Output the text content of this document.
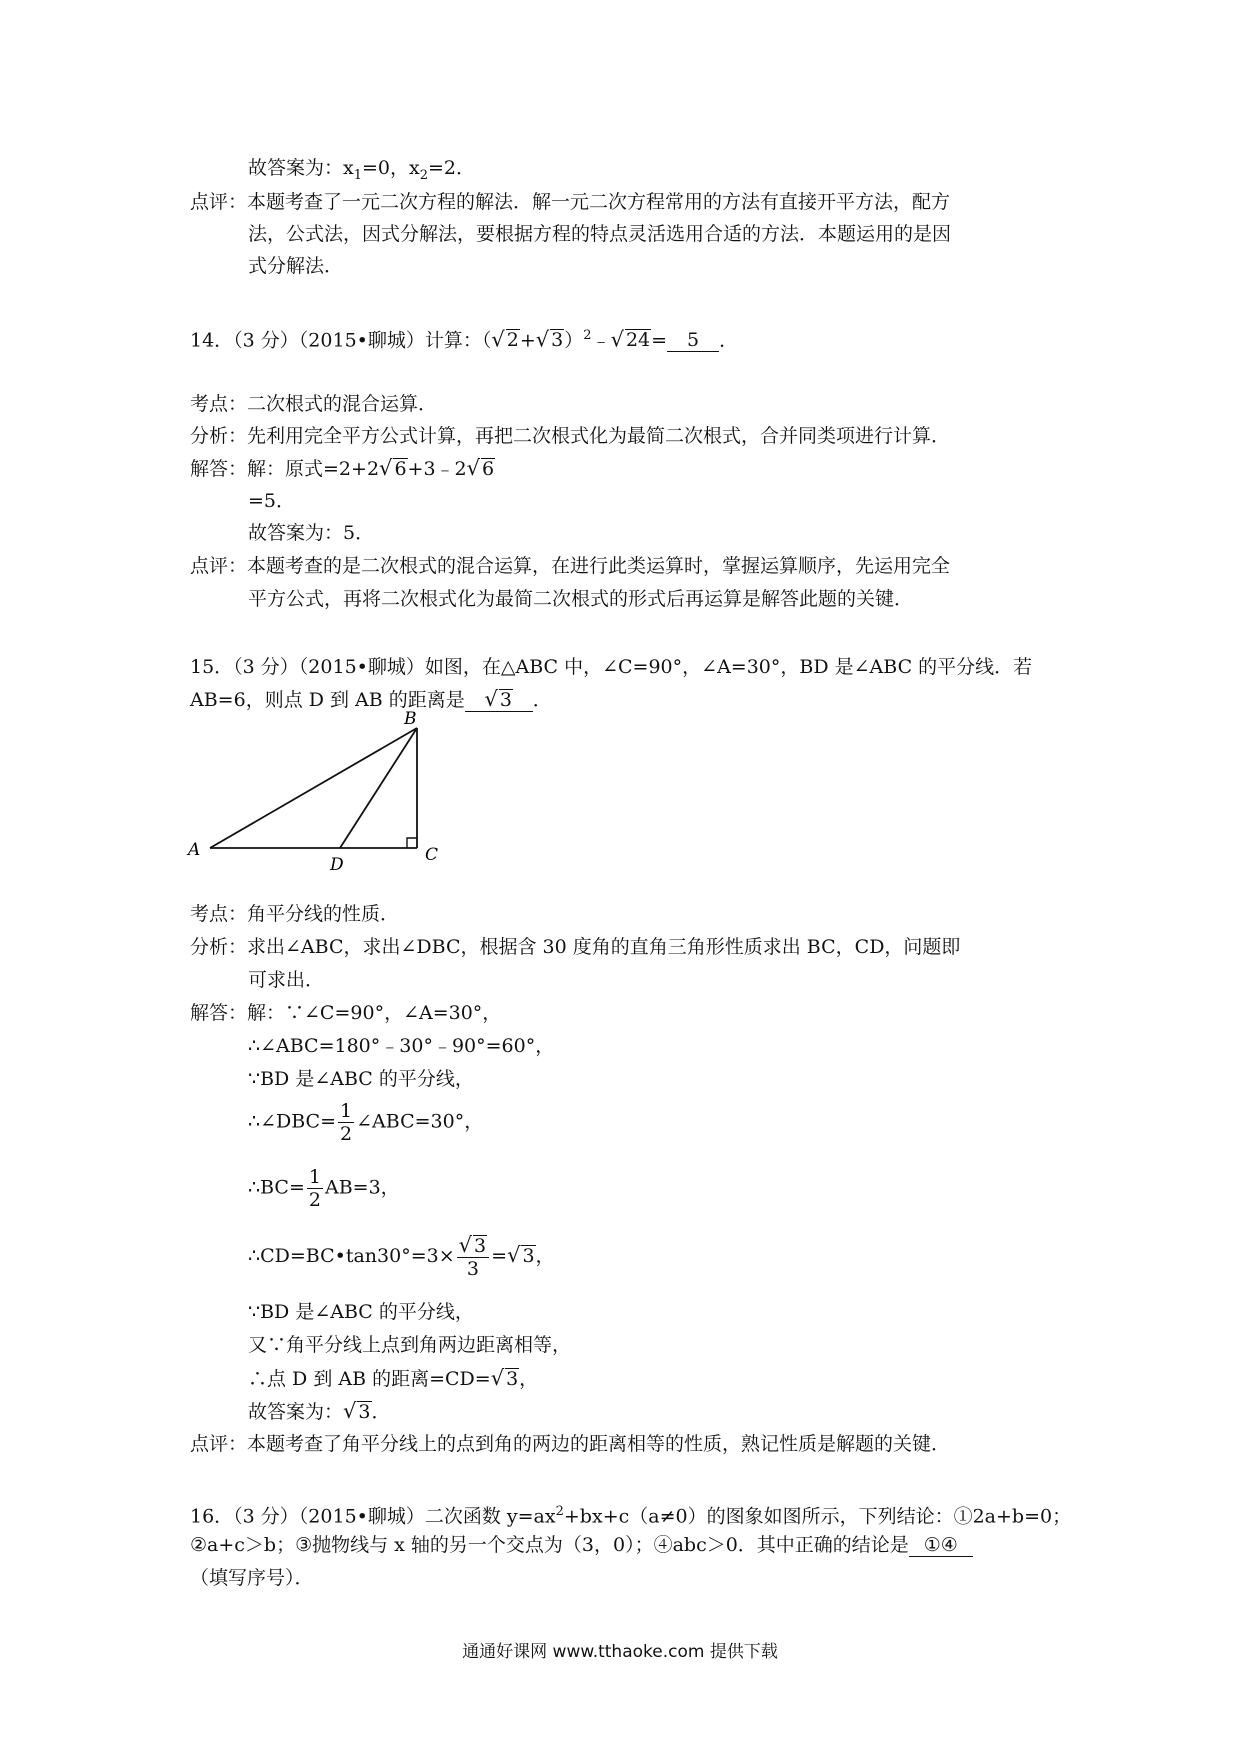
故答案为：$x_1=0$，$x_2=2$．
点评：本题考查了一元二次方程的解法．解一元二次方程常用的方法有直接开平方法，配方
法，公式法，因式分解法，要根据方程的特点灵活选用合适的方法．本题运用的是因
式分解法．
14．（3 分）（2015•聊城）计算：（√ 2+√ 3）$^2$﹣√ 24= 5 ．
考点：二次根式的混合运算．
分析：先利用完全平方公式计算，再把二次根式化为最简二次根式，合并同类项进行计算．
解答：解：原式=2+2√ 6+3﹣2√ 6
=5．
故答案为：5．
点评：本题考查的是二次根式的混合运算，在进行此类运算时，掌握运算顺序，先运用完全
平方公式，再将二次根式化为最简二次根式的形式后再运算是解答此题的关键．
15．（3 分）（2015•聊城）如图，在△ABC 中，∠C=90°，∠A=30°，BD 是∠ABC 的平分线．若
AB=6，则点 D 到 AB 的距离是 √ 3 ．
A
B
C
D
考点：角平分线的性质．
分析：求出∠ABC，求出∠DBC，根据含 30 度角的直角三角形性质求出 BC，CD，问题即
可求出．
解答：解：∵∠C=90°，∠A=30°，
∴∠ABC=180°﹣30°﹣90°=60°，
∵BD 是∠ABC 的平分线，
∴∠DBC= $\frac{1}{2}$ ∠ABC=30°，
∴BC= $\frac{1}{2} AB=3$，
∴CD=BC•tan30°=3× $\frac{√ 3}{3}$ =√ 3，
∵BD 是∠ABC 的平分线，
又∵角平分线上点到角两边距离相等，
∴点 D 到 AB 的距离=CD=√ 3，
故答案为：√ 3．
点评：本题考查了角平分线上的点到角的两边的距离相等的性质，熟记性质是解题的关键．
16．（3 分）（2015•聊城）二次函数 $y=ax^2+bx+c(a\ne 0)$的图象如图所示，下列结论：①2a+b=0；
②a+c＞b；③抛物线与 x 轴的另一个交点为（3，0）；④abc＞0．其中正确的结论是 ①④
（填写序号）．
通通好课网 www.tthaoke.com 提供下载
